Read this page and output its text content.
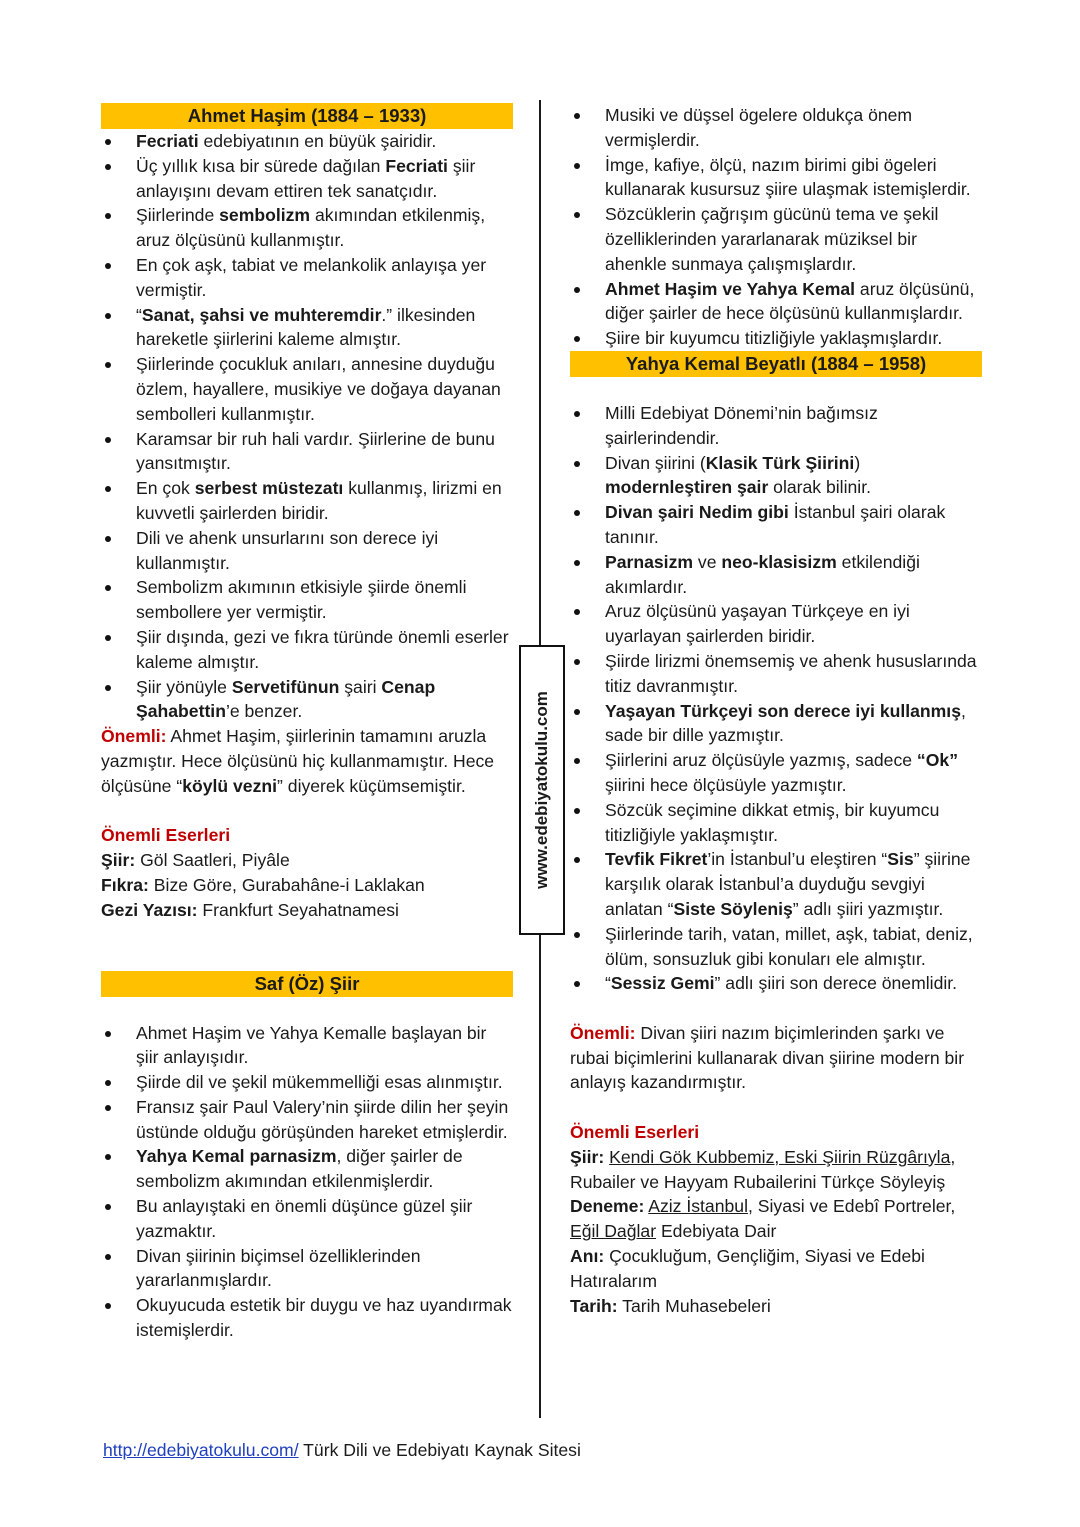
www.edebiyatokulu.com
Ahmet Haşim (1884 – 1933)
Fecriati edebiyatının en büyük şairidir.
Üç yıllık kısa bir sürede dağılan Fecriati şiir anlayışını devam ettiren tek sanatçıdır.
Şiirlerinde sembolizm akımından etkilenmiş, aruz ölçüsünü kullanmıştır.
En çok aşk, tabiat ve melankolik anlayışa yer vermiştir.
“Sanat, şahsi ve muhteremdir.” ilkesinden hareketle şiirlerini kaleme almıştır.
Şiirlerinde çocukluk anıları, annesine duyduğu özlem, hayallere, musikiye ve doğaya dayanan sembolleri kullanmıştır.
Karamsar bir ruh hali vardır. Şiirlerine de bunu yansıtmıştır.
En çok serbest müstezatı kullanmış, lirizmi en kuvvetli şairlerden biridir.
Dili ve ahenk unsurlarını son derece iyi kullanmıştır.
Sembolizm akımının etkisiyle şiirde önemli sembollere yer vermiştir.
Şiir dışında, gezi ve fıkra türünde önemli eserler kaleme almıştır.
Şiir yönüyle Servetifünun şairi Cenap Şahabettin’e benzer.

Önemli: Ahmet Haşim, şiirlerinin tamamını aruzla yazmıştır. Hece ölçüsünü hiç kullanmamıştır. Hece ölçüsüne “köylü vezni” diyerek küçümsemiştir.

Önemli Eserleri

Şiir: Göl Saatleri, Piyâle

Fıkra: Bize Göre, Gurabahâne-i Laklakan

Gezi Yazısı: Frankfurt Seyahatnamesi

Saf (Öz) Şiir
Ahmet Haşim ve Yahya Kemalle başlayan bir şiir anlayışıdır.
Şiirde dil ve şekil mükemmelliği esas alınmıştır.
Fransız şair Paul Valery’nin şiirde dilin her şeyin üstünde olduğu görüşünden hareket etmişlerdir.
Yahya Kemal parnasizm, diğer şairler de sembolizm akımından etkilenmişlerdir.
Bu anlayıştaki en önemli düşünce güzel şiir yazmaktır.
Divan şiirinin biçimsel özelliklerinden yararlanmışlardır.
Okuyucuda estetik bir duygu ve haz uyandırmak istemişlerdir.
Musiki ve düşsel ögelere oldukça önem vermişlerdir.
İmge, kafiye, ölçü, nazım birimi gibi ögeleri kullanarak kusursuz şiire ulaşmak istemişlerdir.
Sözcüklerin çağrışım gücünü tema ve şekil özelliklerinden yararlanarak müziksel bir ahenkle sunmaya çalışmışlardır.
Ahmet Haşim ve Yahya Kemal aruz ölçüsünü, diğer şairler de hece ölçüsünü kullanmışlardır.
Şiire bir kuyumcu titizliğiyle yaklaşmışlardır.
Yahya Kemal Beyatlı (1884 – 1958)
Milli Edebiyat Dönemi’nin bağımsız şairlerindendir.
Divan şiirini (Klasik Türk Şiirini) modernleştiren şair olarak bilinir.
Divan şairi Nedim gibi İstanbul şairi olarak tanınır.
Parnasizm ve neo-klasisizm etkilendiği akımlardır.
Aruz ölçüsünü yaşayan Türkçeye en iyi uyarlayan şairlerden biridir.
Şiirde lirizmi önemsemiş ve ahenk hususlarında titiz davranmıştır.
Yaşayan Türkçeyi son derece iyi kullanmış, sade bir dille yazmıştır.
Şiirlerini aruz ölçüsüyle yazmış, sadece “Ok” şiirini hece ölçüsüyle yazmıştır.
Sözcük seçimine dikkat etmiş, bir kuyumcu titizliğiyle yaklaşmıştır.
Tevfik Fikret’in İstanbul’u eleştiren “Sis” şiirine karşılık olarak İstanbul’a duyduğu sevgiyi anlatan “Siste Söyleniş” adlı şiiri yazmıştır.
Şiirlerinde tarih, vatan, millet, aşk, tabiat, deniz, ölüm, sonsuzluk gibi konuları ele almıştır.
“Sessiz Gemi” adlı şiiri son derece önemlidir.

Önemli: Divan şiiri nazım biçimlerinden şarkı ve rubai biçimlerini kullanarak divan şiirine modern bir anlayış kazandırmıştır.

Önemli Eserleri

Şiir: Kendi Gök Kubbemiz, Eski Şiirin Rüzgârıyla, Rubailer ve Hayyam Rubailerini Türkçe Söyleyiş

Deneme: Aziz İstanbul, Siyasi ve Edebî Portreler, Eğil Dağlar Edebiyata Dair

Anı: Çocukluğum, Gençliğim, Siyasi ve Edebi Hatıralarım

Tarih: Tarih Muhasebeleri

http://edebiyatokulu.com/ Türk Dili ve Edebiyatı Kaynak Sitesi
